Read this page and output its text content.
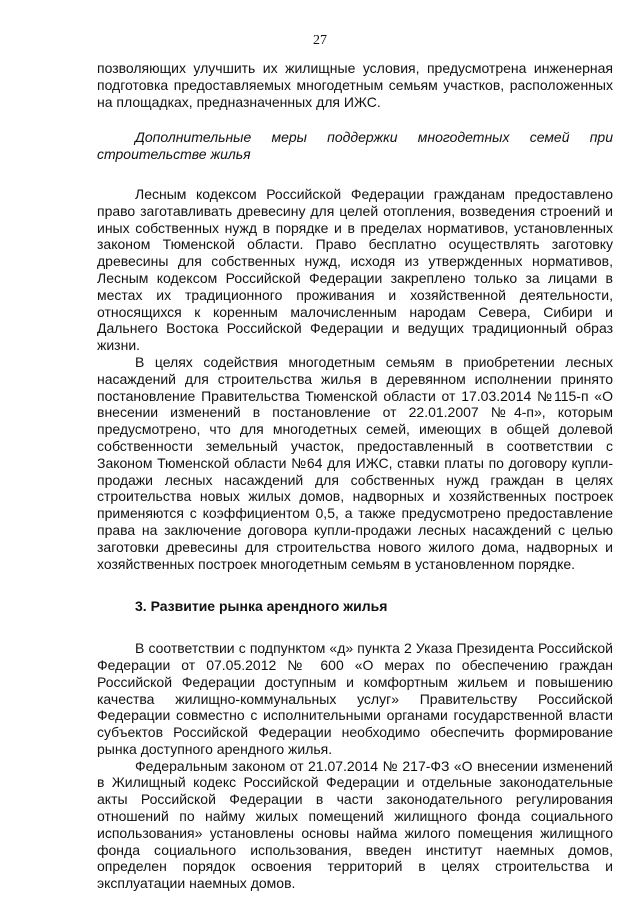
27

позволяющих улучшить их жилищные условия, предусмотрена инженерная подготовка предоставляемых многодетным семьям участков, расположенных на площадках, предназначенных для ИЖС.

Дополнительные меры поддержки многодетных семей при строительстве жилья

Лесным кодексом Российской Федерации гражданам предоставлено право заготавливать древесину для целей отопления, возведения строений и иных собственных нужд в порядке и в пределах нормативов, установленных законом Тюменской области. Право бесплатно осуществлять заготовку древесины для собственных нужд, исходя из утвержденных нормативов, Лесным кодексом Российской Федерации закреплено только за лицами в местах их традиционного проживания и хозяйственной деятельности, относящихся к коренным малочисленным народам Севера, Сибири и Дальнего Востока Российской Федерации и ведущих традиционный образ жизни.

В целях содействия многодетным семьям в приобретении лесных насаждений для строительства жилья в деревянном исполнении принято постановление Правительства Тюменской области от 17.03.2014 №115-п «О внесении изменений в постановление от 22.01.2007 №4-п», которым предусмотрено, что для многодетных семей, имеющих в общей долевой собственности земельный участок, предоставленный в соответствии с Законом Тюменской области №64 для ИЖС, ставки платы по договору купли-продажи лесных насаждений для собственных нужд граждан в целях строительства новых жилых домов, надворных и хозяйственных построек применяются с коэффициентом 0,5, а также предусмотрено предоставление права на заключение договора купли-продажи лесных насаждений с целью заготовки древесины для строительства нового жилого дома, надворных и хозяйственных построек многодетным семьям в установленном порядке.

3. Развитие рынка арендного жилья

В соответствии с подпунктом «д» пункта 2 Указа Президента Российской Федерации от 07.05.2012 № 600 «О мерах по обеспечению граждан Российской Федерации доступным и комфортным жильем и повышению качества жилищно-коммунальных услуг» Правительству Российской Федерации совместно с исполнительными органами государственной власти субъектов Российской Федерации необходимо обеспечить формирование рынка доступного арендного жилья.

Федеральным законом от 21.07.2014 № 217-ФЗ «О внесении изменений в Жилищный кодекс Российской Федерации и отдельные законодательные акты Российской Федерации в части законодательного регулирования отношений по найму жилых помещений жилищного фонда социального использования» установлены основы найма жилого помещения жилищного фонда социального использования, введен институт наемных домов, определен порядок освоения территорий в целях строительства и эксплуатации наемных домов.
